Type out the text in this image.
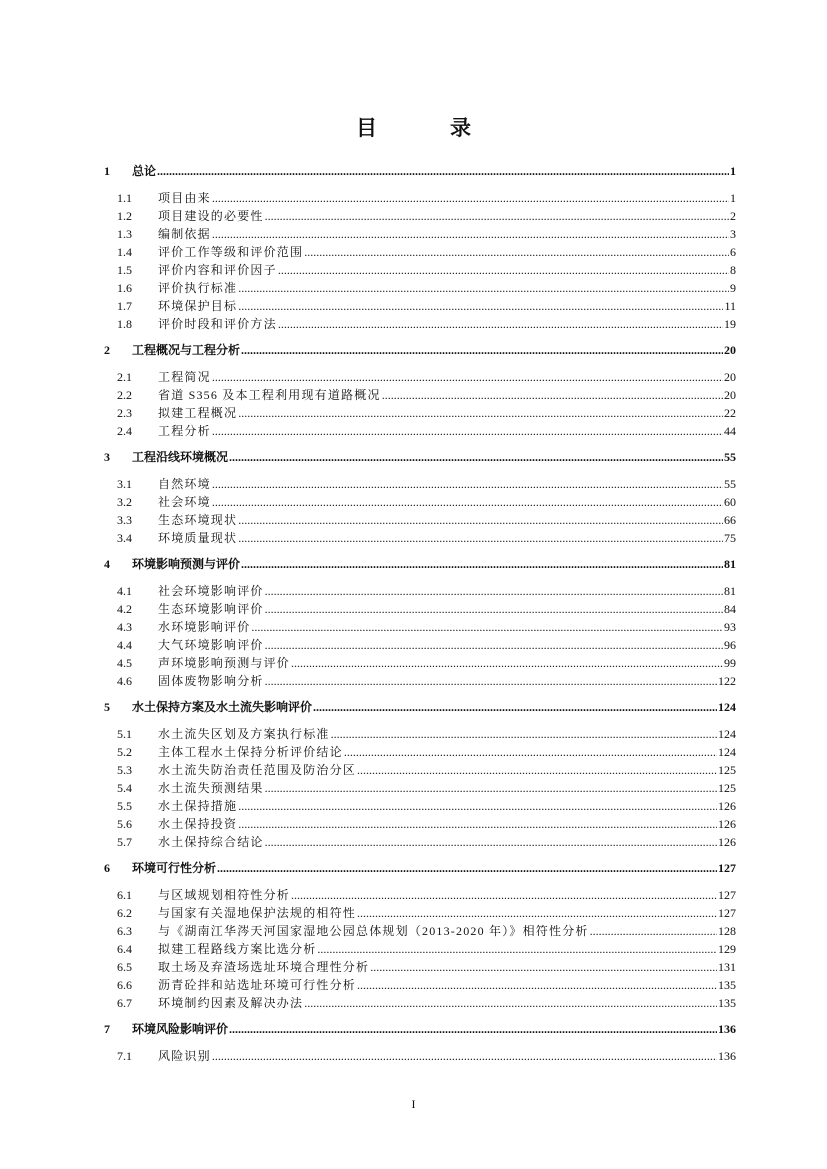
目　录
1	总论 .....	1
1.1	项目由来 .....	1
1.2	项目建设的必要性 .....	2
1.3	编制依据 .....	3
1.4	评价工作等级和评价范围 .....	6
1.5	评价内容和评价因子 .....	8
1.6	评价执行标准 .....	9
1.7	环境保护目标 .....	11
1.8	评价时段和评价方法 .....	19
2	工程概况与工程分析 .....	20
2.1	工程简况 .....	20
2.2	省道 S356 及本工程利用现有道路概况 .....	20
2.3	拟建工程概况 .....	22
2.4	工程分析 .....	44
3	工程沿线环境概况 .....	55
3.1	自然环境 .....	55
3.2	社会环境 .....	60
3.3	生态环境现状 .....	66
3.4	环境质量现状 .....	75
4	环境影响预测与评价 .....	81
4.1	社会环境影响评价 .....	81
4.2	生态环境影响评价 .....	84
4.3	水环境影响评价 .....	93
4.4	大气环境影响评价 .....	96
4.5	声环境影响预测与评价 .....	99
4.6	固体废物影响分析 .....	122
5	水土保持方案及水土流失影响评价 .....	124
5.1	水土流失区划及方案执行标准 .....	124
5.2	主体工程水土保持分析评价结论 .....	124
5.3	水土流失防治责任范围及防治分区 .....	125
5.4	水土流失预测结果 .....	125
5.5	水土保持措施 .....	126
5.6	水土保持投资 .....	126
5.7	水土保持综合结论 .....	126
6	环境可行性分析 .....	127
6.1	与区域规划相符性分析 .....	127
6.2	与国家有关湿地保护法规的相符性 .....	127
6.3	与《湖南江华涔天河国家湿地公园总体规划（2013-2020 年）》相符性分析 .....	128
6.4	拟建工程路线方案比选分析 .....	129
6.5	取土场及弃渣场选址环境合理性分析 .....	131
6.6	沥青砼拌和站选址环境可行性分析 .....	135
6.7	环境制约因素及解决办法 .....	135
7	环境风险影响评价 .....	136
7.1	风险识别 .....	136
I
